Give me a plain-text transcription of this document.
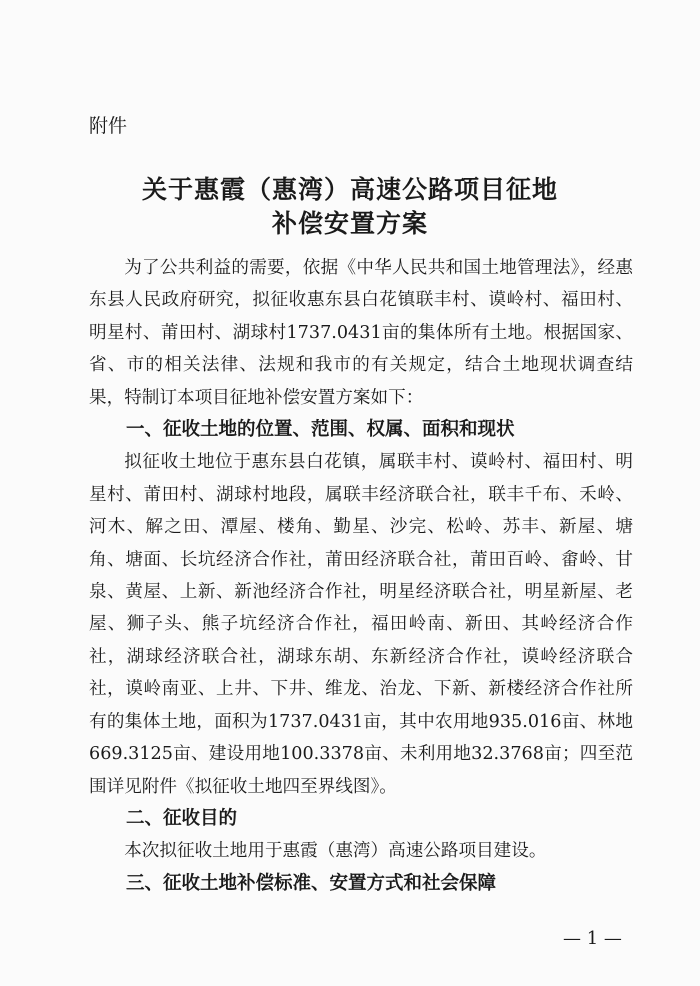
附件
关于惠霞（惠湾）高速公路项目征地
补偿安置方案

为了公共利益的需要，依据《中华人民共和国土地管理法》，经惠东县人民政府研究，拟征收惠东县白花镇联丰村、谟岭村、福田村、明星村、莆田村、湖球村1737.0431亩的集体所有土地。根据国家、省、市的相关法律、法规和我市的有关规定，结合土地现状调查结果，特制订本项目征地补偿安置方案如下：

一、征收土地的位置、范围、权属、面积和现状

拟征收土地位于惠东县白花镇，属联丰村、谟岭村、福田村、明星村、莆田村、湖球村地段，属联丰经济联合社，联丰千布、禾岭、河木、解之田、潭屋、楼角、勤星、沙完、松岭、苏丰、新屋、塘角、塘面、长坑经济合作社，莆田经济联合社，莆田百岭、畬岭、甘泉、黄屋、上新、新池经济合作社，明星经济联合社，明星新屋、老屋、狮子头、熊子坑经济合作社，福田岭南、新田、其岭经济合作社，湖球经济联合社，湖球东胡、东新经济合作社，谟岭经济联合社，谟岭南亚、上井、下井、维龙、治龙、下新、新楼经济合作社所有的集体土地，面积为1737.0431亩，其中农用地935.016亩、林地669.3125亩、建设用地100.3378亩、未利用地32.3768亩；四至范围详见附件《拟征收土地四至界线图》。

二、征收目的

本次拟征收土地用于惠霞（惠湾）高速公路项目建设。

三、征收土地补偿标准、安置方式和社会保障
— 1 —
